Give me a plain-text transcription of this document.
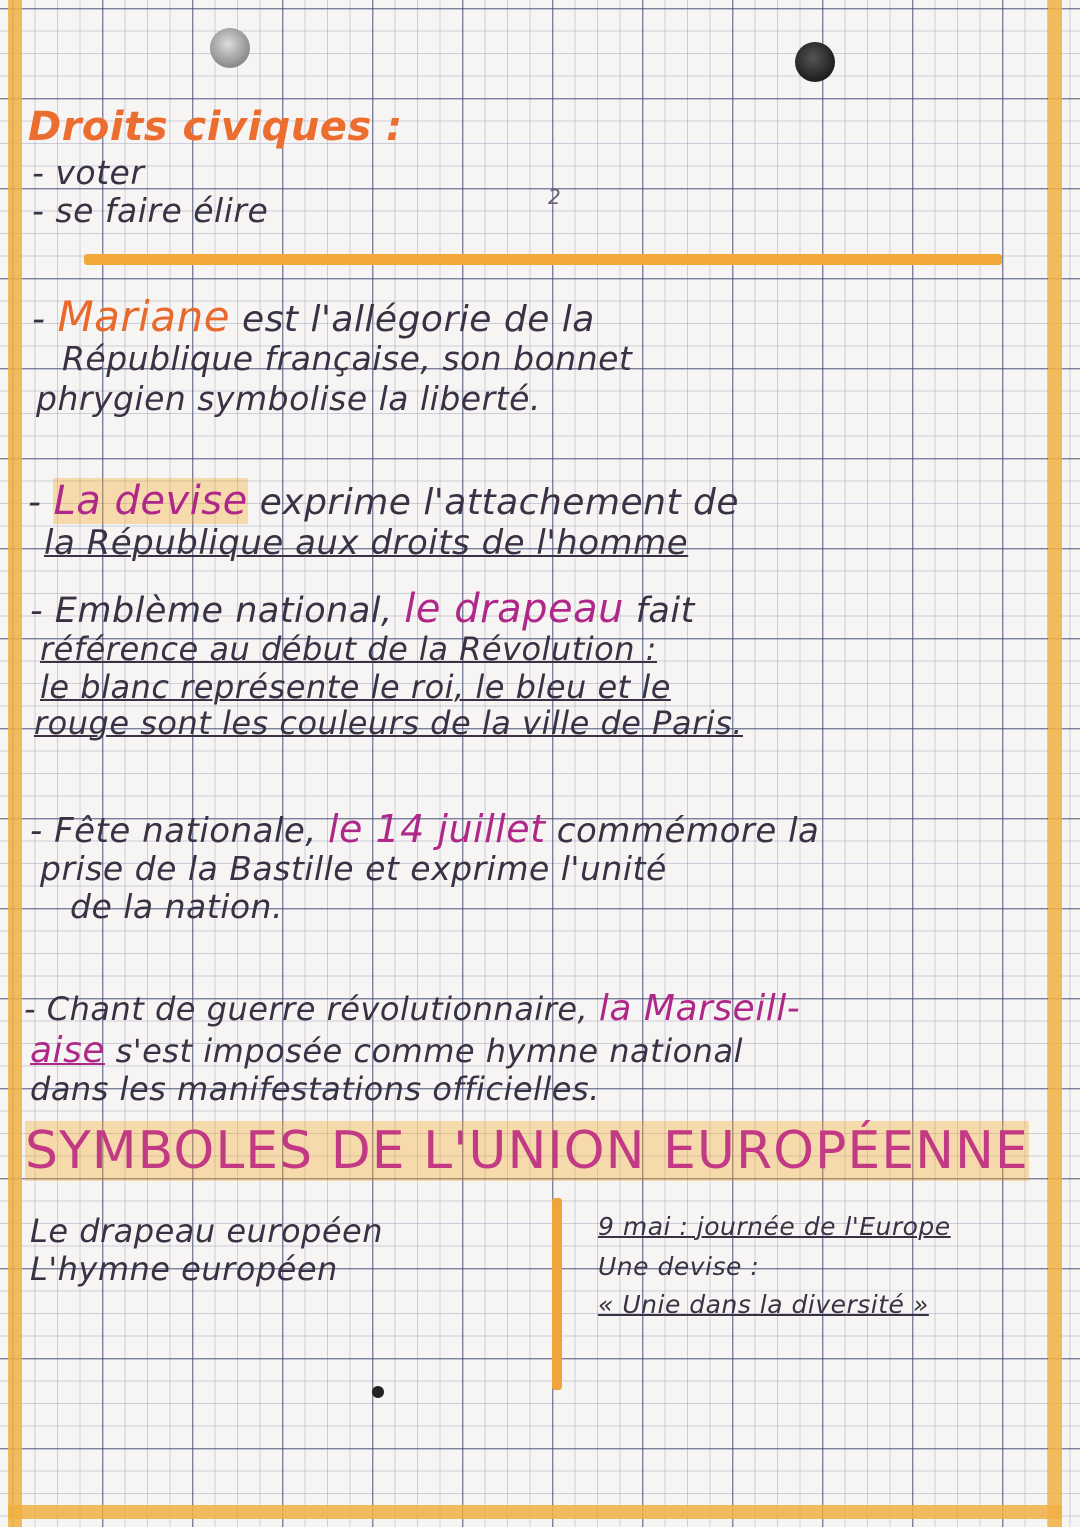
Droits civiques :
- voter
- se faire élire	2
- Mariane est l'allégorie de la
République française, son bonnet
phrygien symbolise la liberté.
- La devise exprime l'attachement de
la République aux droits de l'homme
- Emblème national, le drapeau fait
référence au début de la Révolution :
le blanc représente le roi, le bleu et le
rouge sont les couleurs de la ville de Paris.
- Fête nationale, le 14 juillet commémore la
prise de la Bastille et exprime l'unité
de la nation.
- Chant de guerre révolutionnaire, la Marseill-
aise s'est imposée comme hymne national
dans les manifestations officielles.
SYMBOLES DE L'UNION EUROPÉENNE
Le drapeau européen
L'hymne européen
9 mai : journée de l'Europe
Une devise :
« Unie dans la diversité »
